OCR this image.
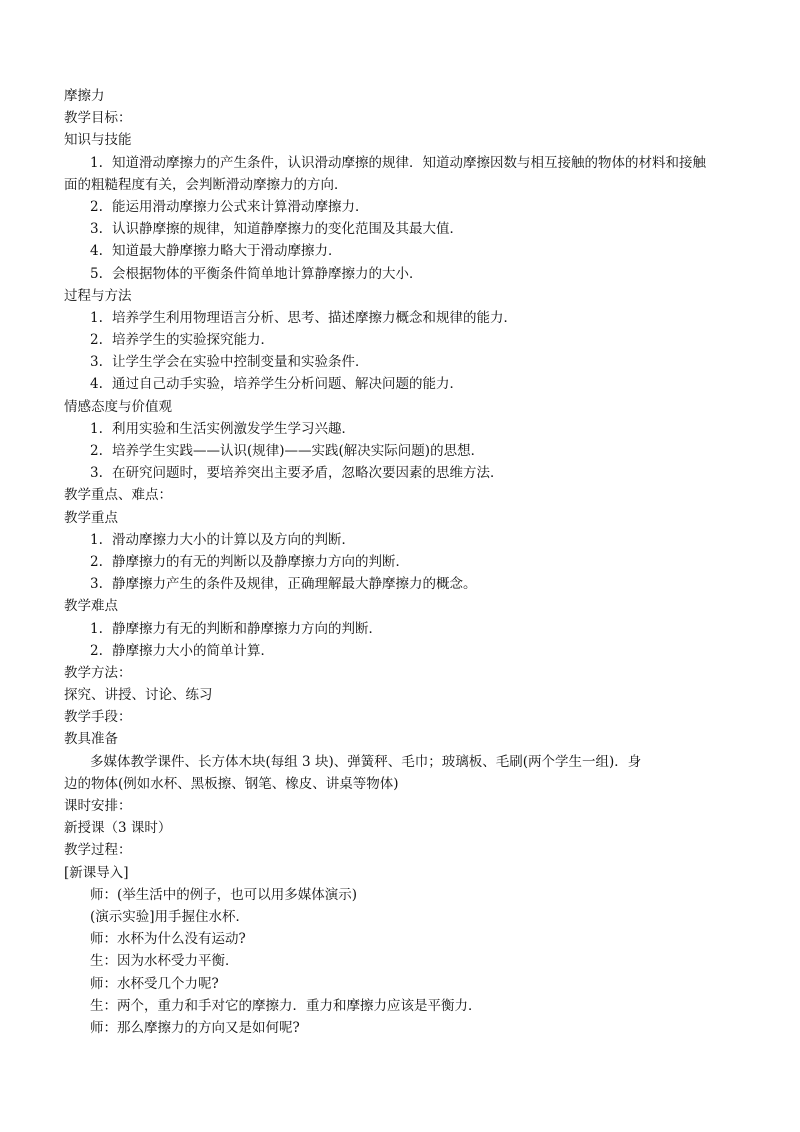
摩擦力
教学目标：
知识与技能
1. 知道滑动摩擦力的产生条件，认识滑动摩擦的规律．知道动摩擦因数与相互接触的物体的材料和接触
面的粗糙程度有关，会判断滑动摩擦力的方向．
2. 能运用滑动摩擦力公式来计算滑动摩擦力．
3. 认识静摩擦的规律，知道静摩擦力的变化范围及其最大值．
4. 知道最大静摩擦力略大于滑动摩擦力．
5. 会根据物体的平衡条件简单地计算静摩擦力的大小．
过程与方法
1. 培养学生利用物理语言分析、思考、描述摩擦力概念和规律的能力．
2. 培养学生的实验探究能力．
3. 让学生学会在实验中控制变量和实验条件．
4. 通过自己动手实验，培养学生分析问题、解决问题的能力．
情感态度与价值观
1. 利用实验和生活实例激发学生学习兴趣．
2. 培养学生实践——认识(规律)——实践(解决实际问题)的思想．
3. 在研究问题时，要培养突出主要矛盾，忽略次要因素的思维方法．
教学重点、难点：
教学重点
1. 滑动摩擦力大小的计算以及方向的判断．
2. 静摩擦力的有无的判断以及静摩擦力方向的判断．
3. 静摩擦力产生的条件及规律，正确理解最大静摩擦力的概念。
教学难点
1. 静摩擦力有无的判断和静摩擦力方向的判断．
2. 静摩擦力大小的简单计算．
教学方法：
探究、讲授、讨论、练习
教学手段：
教具准备
多媒体教学课件、长方体木块(每组 3 块)、弹簧秤、毛巾；玻璃板、毛刷(两个学生一组)．身
边的物体(例如水杯、黑板擦、钢笔、橡皮、讲桌等物体)
课时安排：
新授课（3 课时）
教学过程：
[新课导入]
师：(举生活中的例子，也可以用多媒体演示)
(演示实验]用手握住水杯．
师：水杯为什么没有运动?
生：因为水杯受力平衡．
师：水杯受几个力呢?
生：两个，重力和手对它的摩擦力．重力和摩擦力应该是平衡力．
师：那么摩擦力的方向又是如何呢?
